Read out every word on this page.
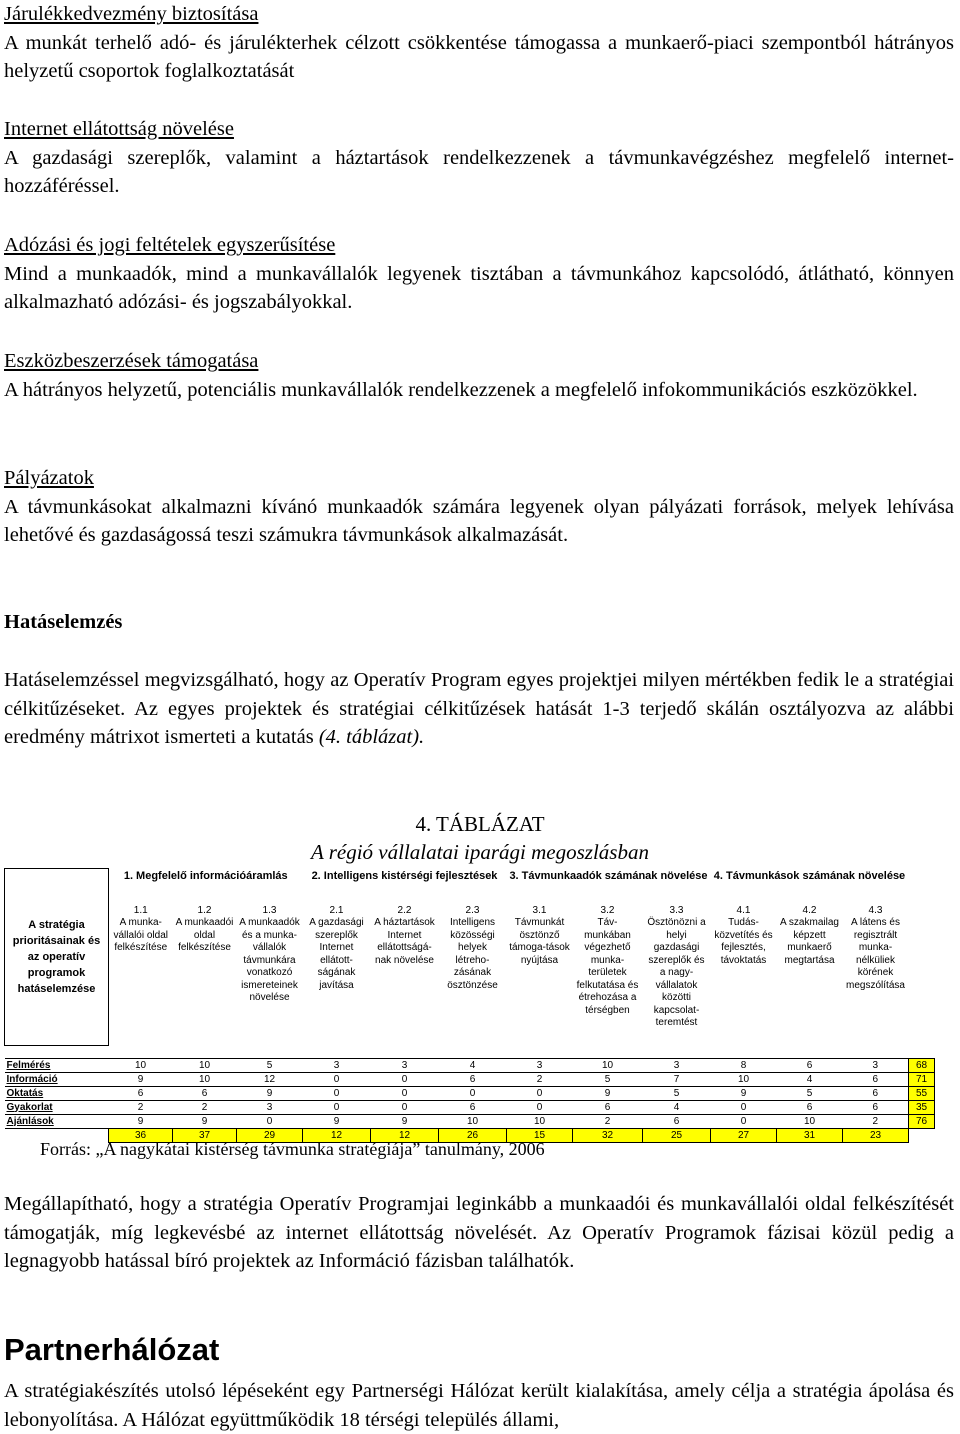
Járulékkedvezmény biztosítása

A munkát terhelő adó- és járulékterhek célzott csökkentése támogassa a munkaerő-piaci szempontból hátrányos helyzetű csoportok foglalkoztatását

Internet ellátottság növelése

A gazdasági szereplők, valamint a háztartások rendelkezzenek a távmunkavégzéshez megfelelő internet-hozzáféréssel.

Adózási és jogi feltételek egyszerűsítése

Mind a munkaadók, mind a munkavállalók legyenek tisztában a távmunkához kapcsolódó, átlátható, könnyen alkalmazható adózási- és jogszabályokkal.

Eszközbeszerzések támogatása

A hátrányos helyzetű, potenciális munkavállalók rendelkezzenek a megfelelő infokommunikációs eszközökkel.

Pályázatok

A távmunkásokat alkalmazni kívánó munkaadók számára legyenek olyan pályázati források, melyek lehívása lehetővé és gazdaságossá teszi számukra távmunkások alkalmazását.

Hatáselemzés

Hatáselemzéssel megvizsgálható, hogy az Operatív Program egyes projektjei milyen mértékben fedik le a stratégiai célkitűzéseket. Az egyes projektek és stratégiai célkitűzések hatását 1-3 terjedő skálán osztályozva az alábbi eredmény mátrixot ismerteti a kutatás (4. táblázat).

4. TÁBLÁZAT
A régió vállalatai iparági megoszlásban
A stratégia prioritásainak és az operatív programok hatáselemzése	1. Megfelelő információáramlás			2. Intelligens kistérségi fejlesztések			3. Távmunkaadók számának növelése			4. Távmunkások számának növelése			
	1.1	1.2	1.3	2.1	2.2	2.3	3.1	3.2	3.3	4.1	4.2	4.3	
	A munka-vállalói oldal felkészítése	A munkaadói oldal felkészítése	A munkaadók és a munka-vállalók távmunkára vonatkozó ismereteinek növelése	A gazdasági szereplők Internet ellátott-ságának javítása	A háztartások Internet ellátottságá-nak növelése	Intelligens közösségi helyek létreho-zásának ösztönzése	Távmunkát ösztönző támoga-tások nyújtása	Táv-munkában végezhető munka-területek felkutatása és étrehozása a térségben	Ösztönözni a helyi gazdasági szereplők és a nagy-vállalatok közötti kapcsolat-teremtést	Tudás-közvetítés és fejlesztés, távoktatás	A szakmailag képzett munkaerő megtartása	A látens és regisztrált munka-nélküliek körének megszólítása	

Felmérés	10	10	5	3	3	4	3	10	3	8	6	3	68
Információ	9	10	12	0	0	6	2	5	7	10	4	6	71
Oktatás	6	6	9	0	0	0	0	9	5	9	5	6	55
Gyakorlat	2	2	3	0	0	6	0	6	4	0	6	6	35
Ajánlások	9	9	0	9	9	10	10	2	6	0	10	2	76
	36	37	29	12	12	26	15	32	25	27	31	23	
Forrás: „A nagykátai kistérség távmunka stratégiája” tanulmány, 2006

Megállapítható, hogy a stratégia Operatív Programjai leginkább a munkaadói és munkavállalói oldal felkészítését támogatják, míg legkevésbé az internet ellátottság növelését. Az Operatív Programok fázisai közül pedig a legnagyobb hatással bíró projektek az Információ fázisban találhatók.

Partnerhálózat

A stratégiakészítés utolsó lépéseként egy Partnerségi Hálózat került kialakítása, amely célja a stratégia ápolása és lebonyolítása. A Hálózat együttműködik 18 térségi település állami,
